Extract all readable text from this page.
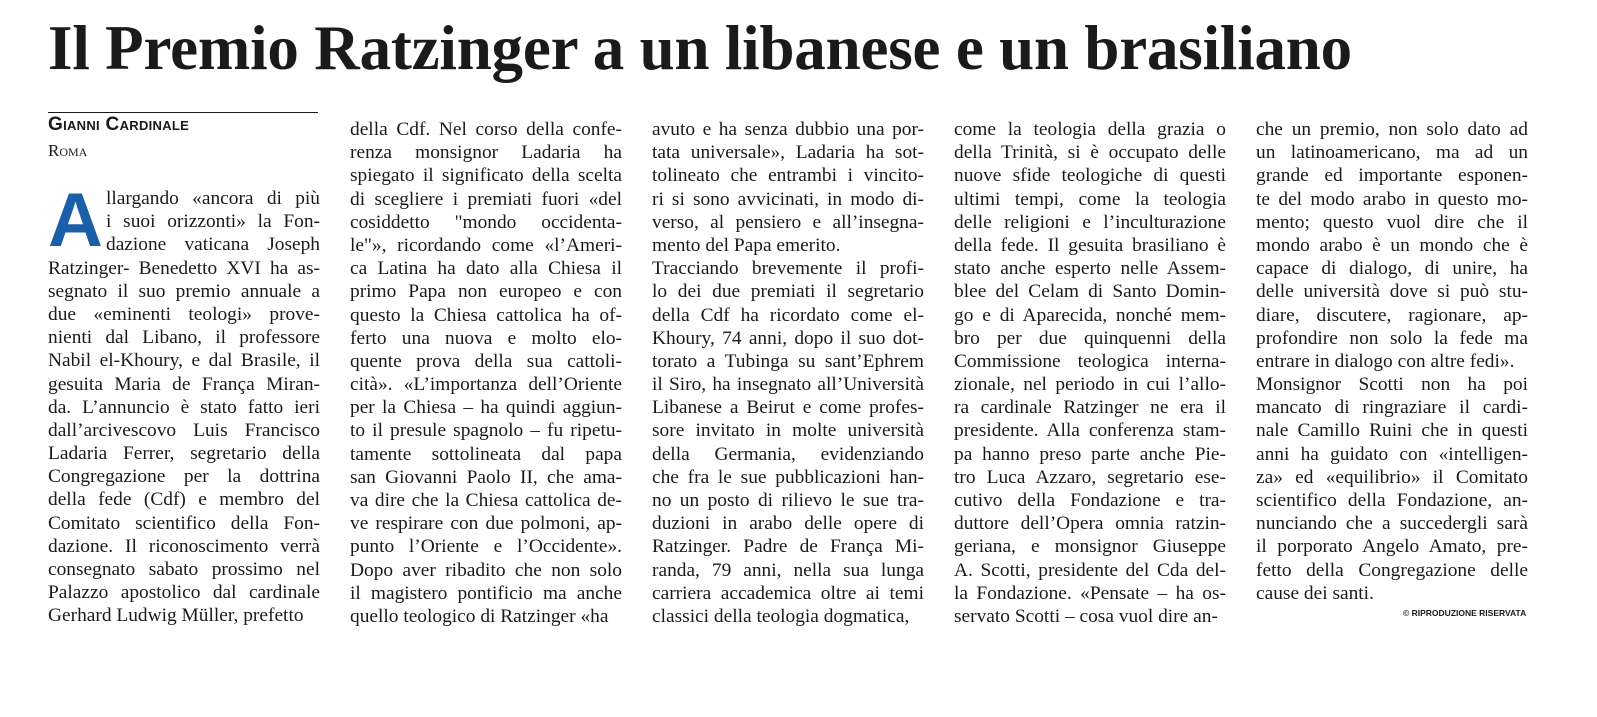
Il Premio Ratzinger a un libanese e un brasiliano
Gianni Cardinale
Roma
A llargando «ancora di più
i suoi orizzonti» la Fon-
dazione vaticana Joseph
Ratzinger- Benedetto XVI ha as-
segnato il suo premio annuale a
due «eminenti teologi» prove-
nienti dal Libano, il professore
Nabil el-Khoury, e dal Brasile, il
gesuita Maria de França Miran-
da. L’annuncio è stato fatto ieri
dall’arcivescovo Luis Francisco
Ladaria Ferrer, segretario della
Congregazione per la dottrina
della fede (Cdf) e membro del
Comitato scientifico della Fon-
dazione. Il riconoscimento verrà
consegnato sabato prossimo nel
Palazzo apostolico dal cardinale
Gerhard Ludwig Müller, prefetto
della Cdf. Nel corso della confe-
renza monsignor Ladaria ha
spiegato il significato della scelta
di scegliere i premiati fuori «del
cosiddetto "mondo occidenta-
le"», ricordando come «l’Ameri-
ca Latina ha dato alla Chiesa il
primo Papa non europeo e con
questo la Chiesa cattolica ha of-
ferto una nuova e molto elo-
quente prova della sua cattoli-
cità». «L’importanza dell’Oriente
per la Chiesa – ha quindi aggiun-
to il presule spagnolo – fu ripetu-
tamente sottolineata dal papa
san Giovanni Paolo II, che ama-
va dire che la Chiesa cattolica de-
ve respirare con due polmoni, ap-
punto l’Oriente e l’Occidente».
Dopo aver ribadito che non solo
il magistero pontificio ma anche
quello teologico di Ratzinger «ha
avuto e ha senza dubbio una por-
tata universale», Ladaria ha sot-
tolineato che entrambi i vincito-
ri si sono avvicinati, in modo di-
verso, al pensiero e all’insegna-
mento del Papa emerito.
Tracciando brevemente il profi-
lo dei due premiati il segretario
della Cdf ha ricordato come el-
Khoury, 74 anni, dopo il suo dot-
torato a Tubinga su sant’Ephrem
il Siro, ha insegnato all’Università
Libanese a Beirut e come profes-
sore invitato in molte università
della Germania, evidenziando
che fra le sue pubblicazioni han-
no un posto di rilievo le sue tra-
duzioni in arabo delle opere di
Ratzinger. Padre de França Mi-
randa, 79 anni, nella sua lunga
carriera accademica oltre ai temi
classici della teologia dogmatica,
come la teologia della grazia o
della Trinità, si è occupato delle
nuove sfide teologiche di questi
ultimi tempi, come la teologia
delle religioni e l’inculturazione
della fede. Il gesuita brasiliano è
stato anche esperto nelle Assem-
blee del Celam di Santo Domin-
go e di Aparecida, nonché mem-
bro per due quinquenni della
Commissione teologica interna-
zionale, nel periodo in cui l’allo-
ra cardinale Ratzinger ne era il
presidente. Alla conferenza stam-
pa hanno preso parte anche Pie-
tro Luca Azzaro, segretario ese-
cutivo della Fondazione e tra-
duttore dell’Opera omnia ratzin-
geriana, e monsignor Giuseppe
A. Scotti, presidente del Cda del-
la Fondazione. «Pensate – ha os-
servato Scotti – cosa vuol dire an-
che un premio, non solo dato ad
un latinoamericano, ma ad un
grande ed importante esponen-
te del modo arabo in questo mo-
mento; questo vuol dire che il
mondo arabo è un mondo che è
capace di dialogo, di unire, ha
delle università dove si può stu-
diare, discutere, ragionare, ap-
profondire non solo la fede ma
entrare in dialogo con altre fedi».
Monsignor Scotti non ha poi
mancato di ringraziare il cardi-
nale Camillo Ruini che in questi
anni ha guidato con «intelligen-
za» ed «equilibrio» il Comitato
scientifico della Fondazione, an-
nunciando che a succedergli sarà
il porporato Angelo Amato, pre-
fetto della Congregazione delle
cause dei santi.
© RIPRODUZIONE RISERVATA
